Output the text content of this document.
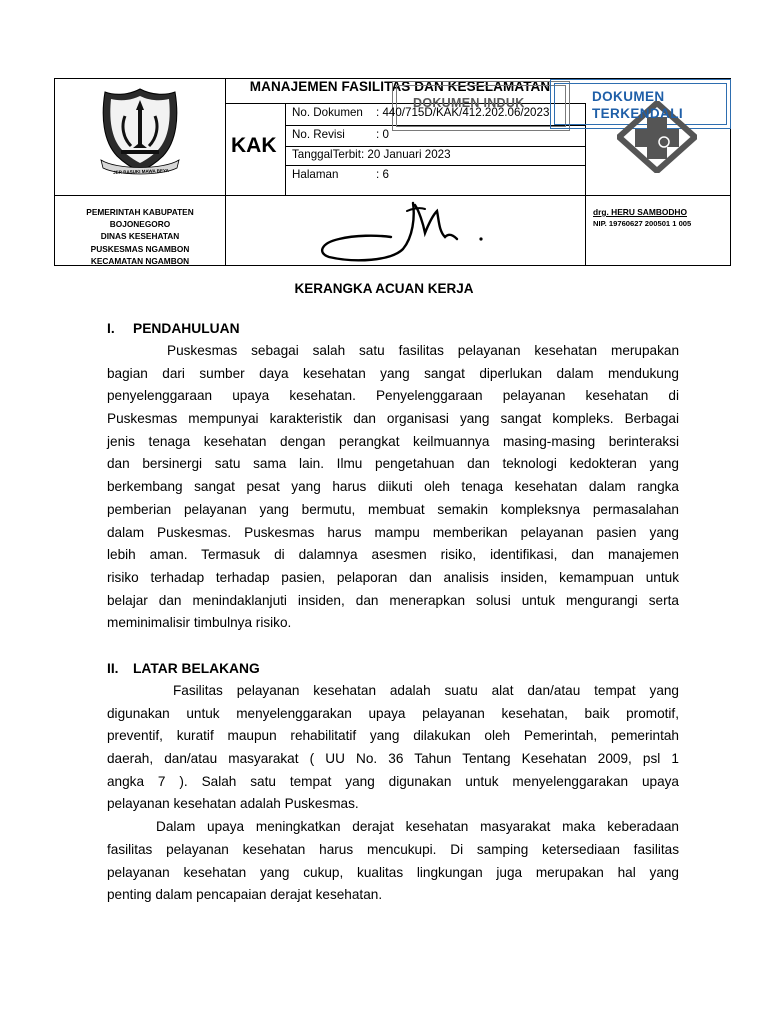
JER BASUKI MAWA BEYA
MANAJEMEN FASILITAS DAN KESELAMATAN
DOKUMEN INDUK
KAK
No. Dokumen : 440/715D/KAK/412.202.06/2023
No. Revisi	: 0
TanggalTerbit: 20 Januari 2023
Halaman	: 6
DOKUMEN
TERKENDALI
PEMERINTAH KABUPATEN
BOJONEGORO
DINAS KESEHATAN
PUSKESMAS NGAMBON
KECAMATAN NGAMBON
drg. HERU SAMBODHO
NIP. 19760627 200501 1 005
KERANGKA ACUAN KERJA
I. PENDAHULUAN
Puskesmas sebagai salah satu fasilitas pelayanan kesehatan merupakan
bagian dari sumber daya kesehatan yang sangat diperlukan dalam mendukung
penyelenggaraan upaya kesehatan. Penyelenggaraan pelayanan kesehatan di
Puskesmas mempunyai karakteristik dan organisasi yang sangat kompleks. Berbagai
jenis tenaga kesehatan dengan perangkat keilmuannya masing-masing berinteraksi
dan bersinergi satu sama lain. Ilmu pengetahuan dan teknologi kedokteran yang
berkembang sangat pesat yang harus diikuti oleh tenaga kesehatan dalam rangka
pemberian pelayanan yang bermutu, membuat semakin kompleksnya permasalahan
dalam Puskesmas. Puskesmas harus mampu memberikan pelayanan pasien yang
lebih aman. Termasuk di dalamnya asesmen risiko, identifikasi, dan manajemen
risiko terhadap terhadap pasien, pelaporan dan analisis insiden, kemampuan untuk
belajar dan menindaklanjuti insiden, dan menerapkan solusi untuk mengurangi serta
meminimalisir timbulnya risiko.
II. LATAR BELAKANG
Fasilitas pelayanan kesehatan adalah suatu alat dan/atau tempat yang
digunakan untuk menyelenggarakan upaya pelayanan kesehatan, baik promotif,
preventif, kuratif maupun rehabilitatif yang dilakukan oleh Pemerintah, pemerintah
daerah, dan/atau masyarakat ( UU No. 36 Tahun Tentang Kesehatan 2009, psl 1
angka 7 ). Salah satu tempat yang digunakan untuk menyelenggarakan upaya
pelayanan kesehatan adalah Puskesmas.
Dalam upaya meningkatkan derajat kesehatan masyarakat maka keberadaan
fasilitas pelayanan kesehatan harus mencukupi. Di samping ketersediaan fasilitas
pelayanan kesehatan yang cukup, kualitas lingkungan juga merupakan hal yang
penting dalam pencapaian derajat kesehatan.
